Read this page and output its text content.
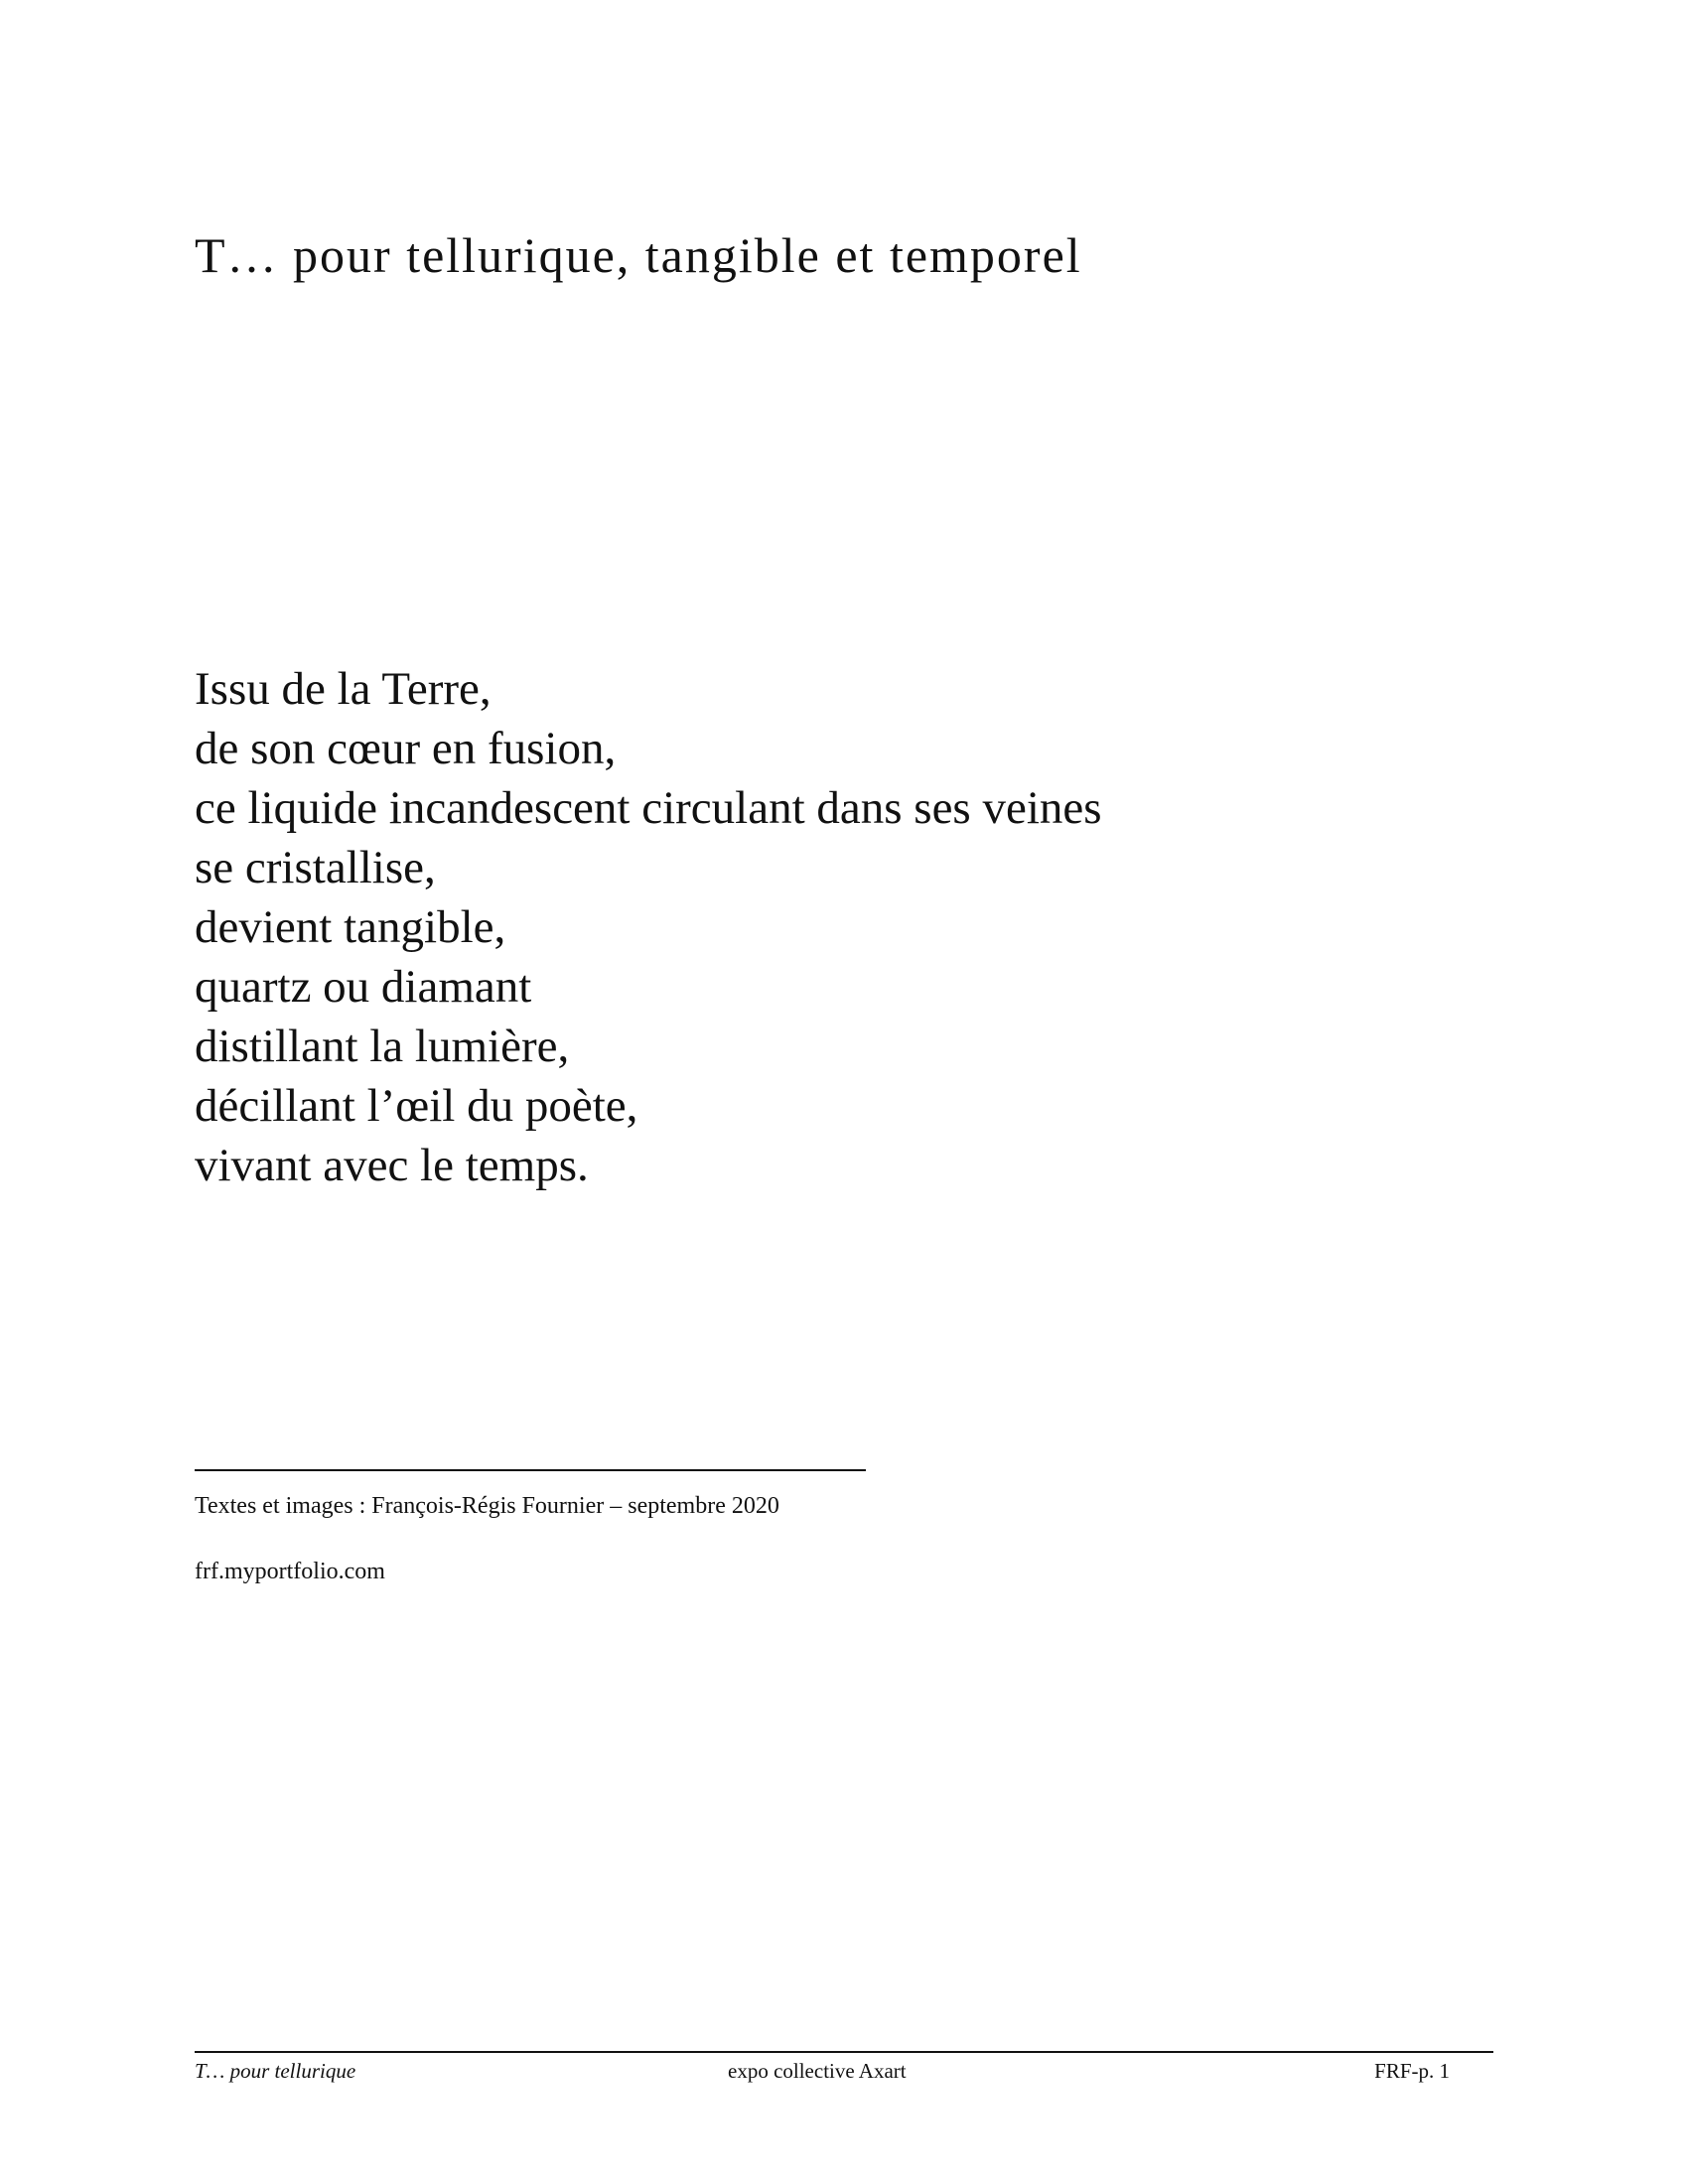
T… pour tellurique, tangible et temporel
Issu de la Terre,
de son cœur en fusion,
ce liquide incandescent circulant dans ses veines
se cristallise,
devient tangible,
quartz ou diamant
distillant la lumière,
décillant l’œil du poète,
vivant avec le temps.
Textes et images : François-Régis Fournier – septembre 2020
frf.myportfolio.com
T… pour tellurique	expo collective Axart	FRF-p. 1
